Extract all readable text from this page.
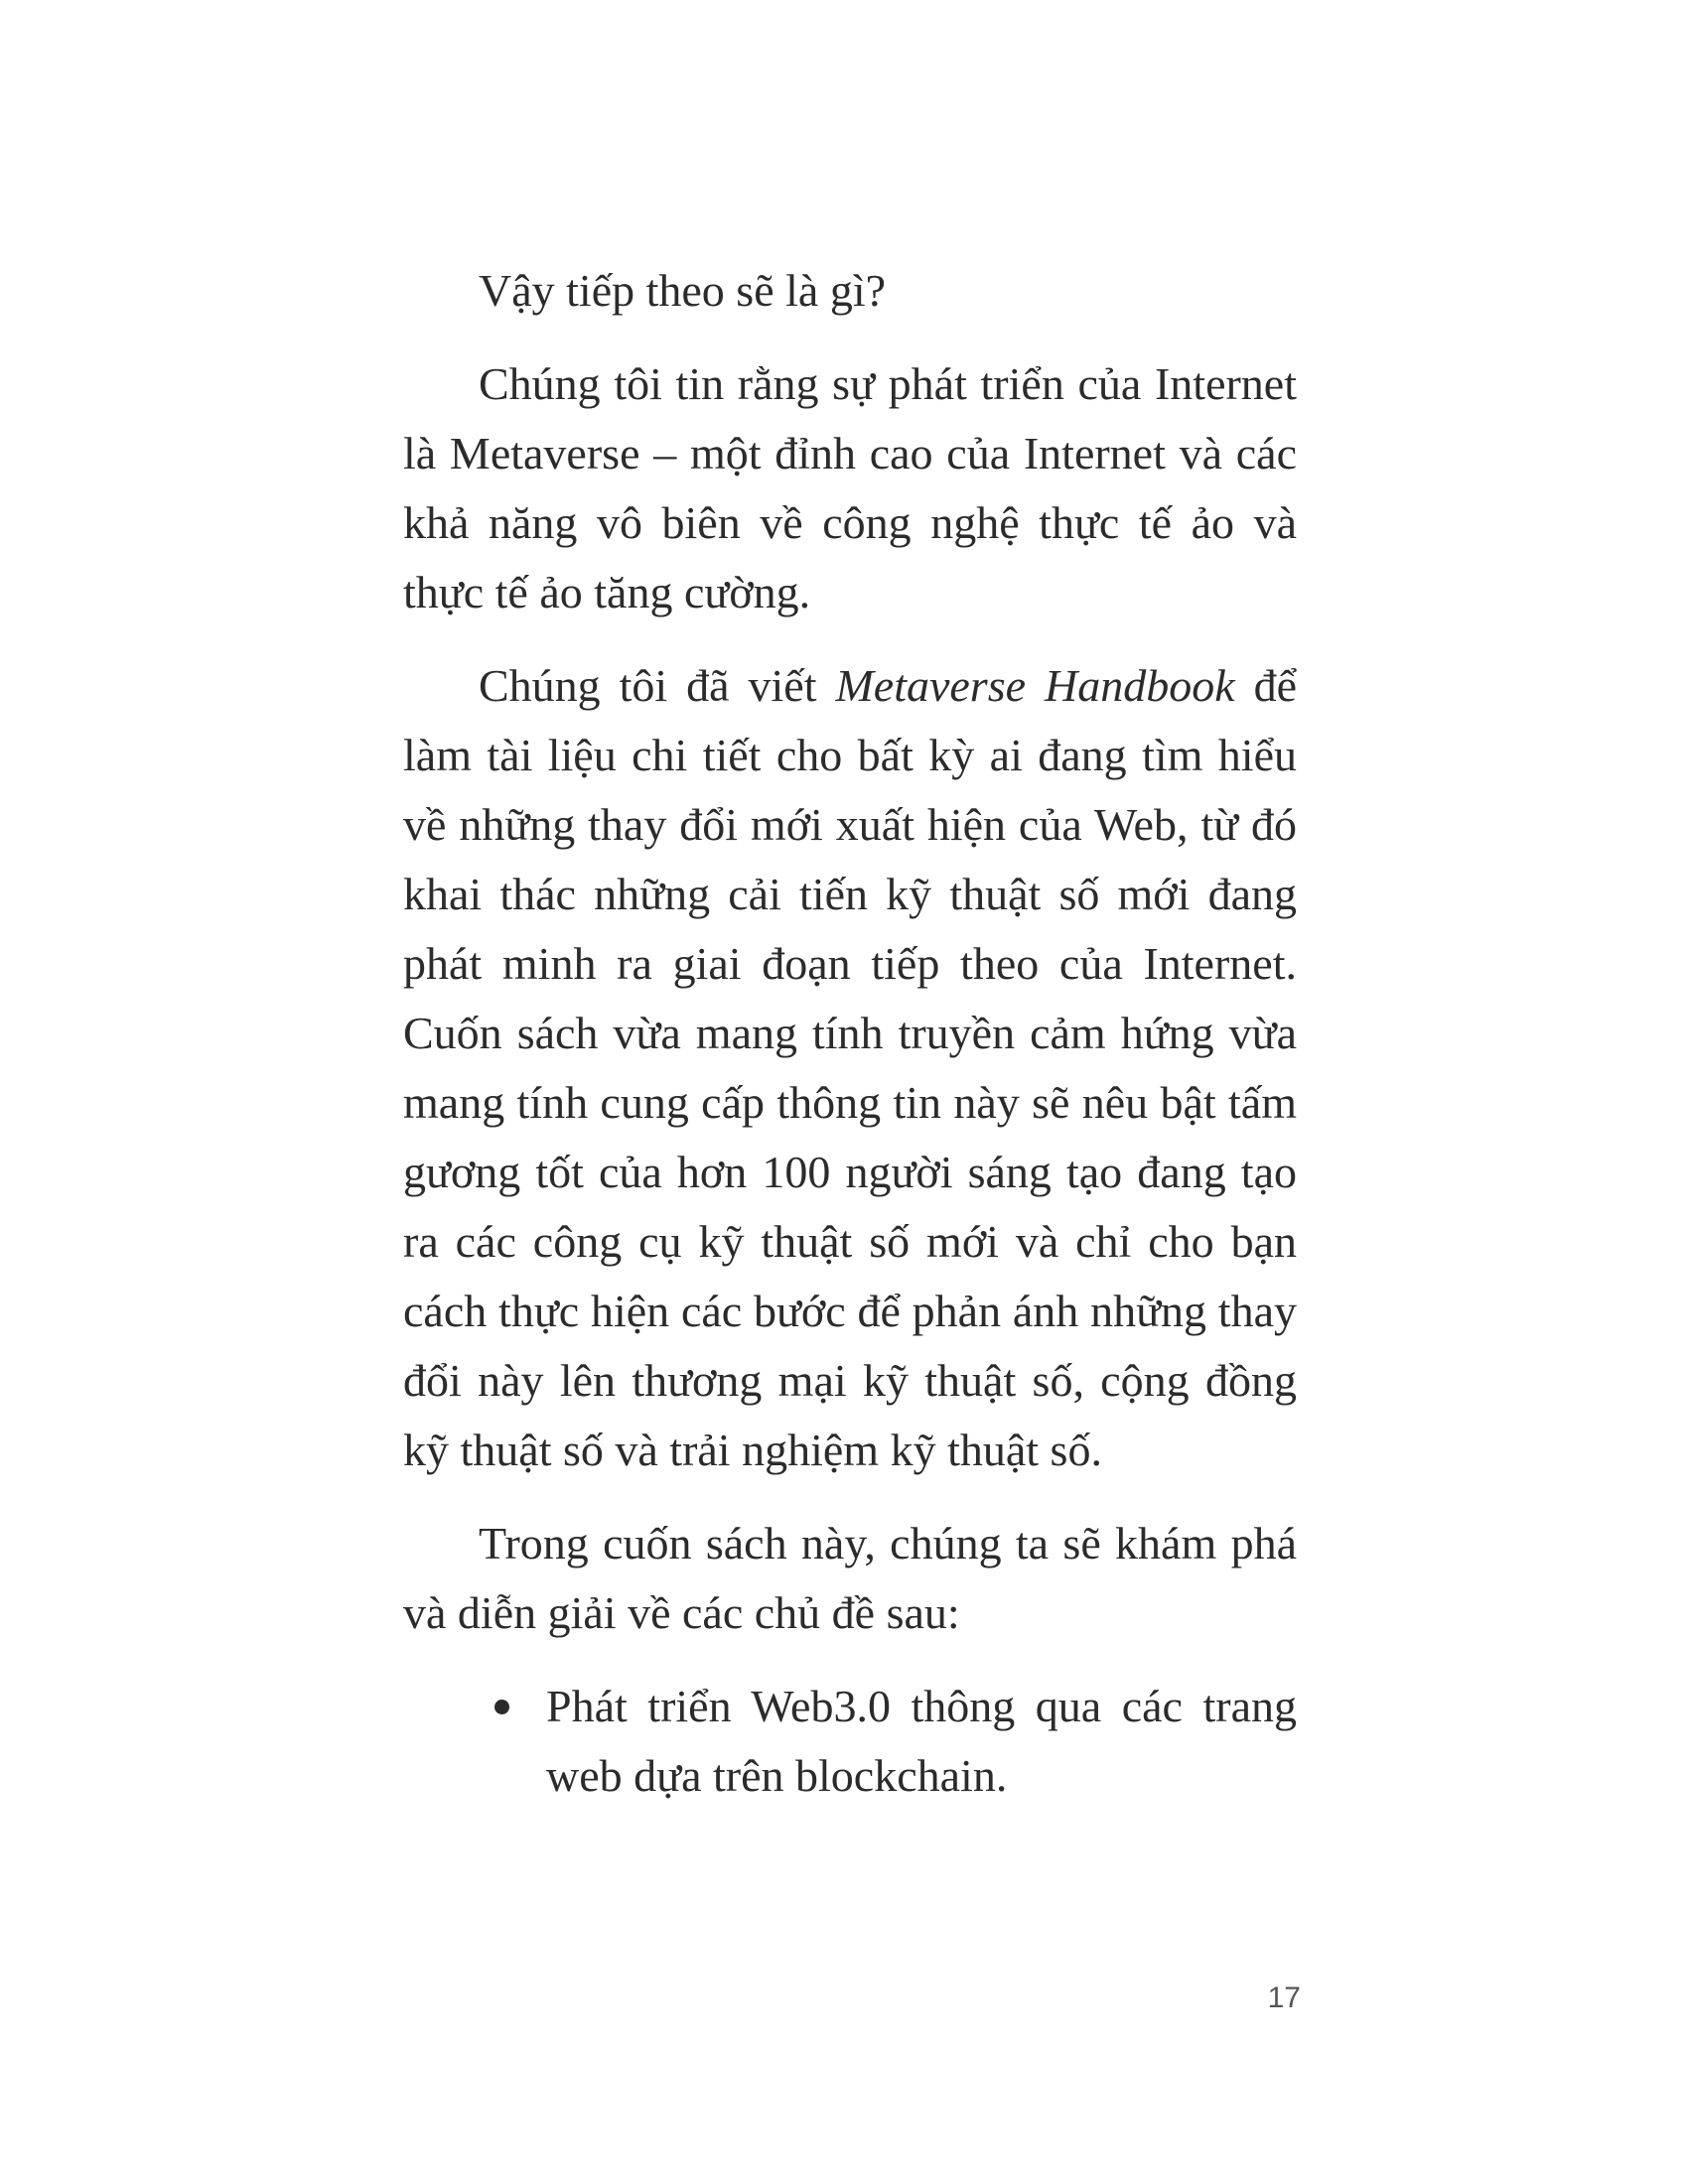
Vậy tiếp theo sẽ là gì?

Chúng tôi tin rằng sự phát triển của Internet là Metaverse – một đỉnh cao của Internet và các khả năng vô biên về công nghệ thực tế ảo và thực tế ảo tăng cường.

Chúng tôi đã viết Metaverse Handbook để làm tài liệu chi tiết cho bất kỳ ai đang tìm hiểu về những thay đổi mới xuất hiện của Web, từ đó khai thác những cải tiến kỹ thuật số mới đang phát minh ra giai đoạn tiếp theo của Internet. Cuốn sách vừa mang tính truyền cảm hứng vừa mang tính cung cấp thông tin này sẽ nêu bật tấm gương tốt của hơn 100 người sáng tạo đang tạo ra các công cụ kỹ thuật số mới và chỉ cho bạn cách thực hiện các bước để phản ánh những thay đổi này lên thương mại kỹ thuật số, cộng đồng kỹ thuật số và trải nghiệm kỹ thuật số.

Trong cuốn sách này, chúng ta sẽ khám phá và diễn giải về các chủ đề sau:

Phát triển Web3.0 thông qua các trang web dựa trên blockchain.
17
